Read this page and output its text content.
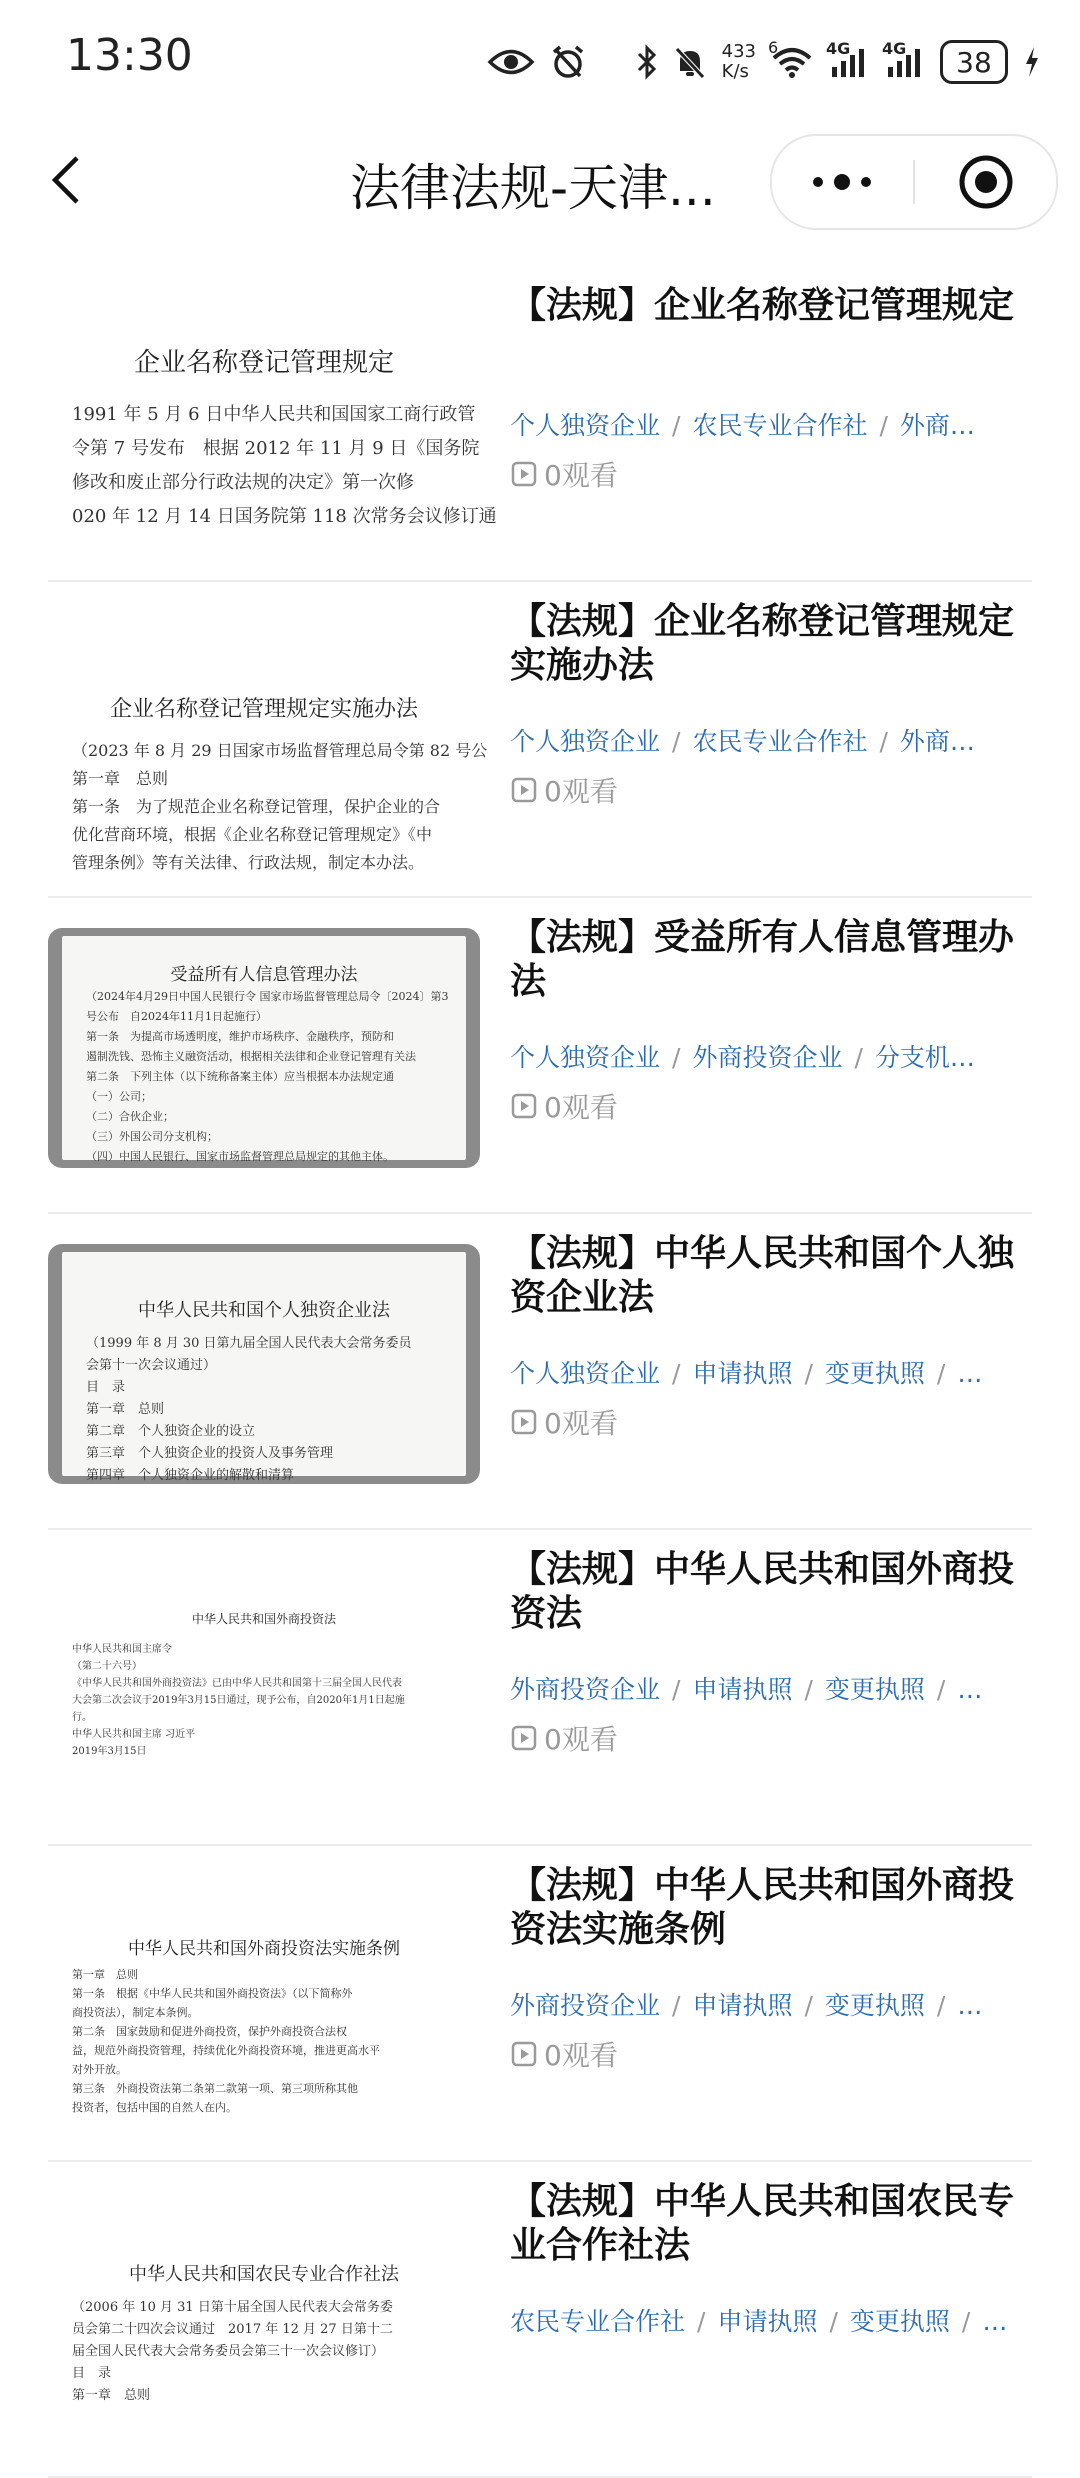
13:30	433
K/s
6	4G 4G	38
法律法规-天津...
企业名称登记管理规定
1991 年 5 月 6 日中华人民共和国国家工商行政管
令第 7 号发布　根据 2012 年 11 月 9 日《国务院
修改和废止部分行政法规的决定》第一次修
020 年 12 月 14 日国务院第 118 次常务会议修订通
【法规】企业名称登记管理规定
个人独资企业 / 农民专业合作社 / 外商…
0观看
企业名称登记管理规定实施办法
（2023 年 8 月 29 日国家市场监督管理总局令第 82 号公
第一章　总则
第一条　为了规范企业名称登记管理，保护企业的合
优化营商环境，根据《企业名称登记管理规定》《中
管理条例》等有关法律、行政法规，制定本办法。
【法规】企业名称登记管理规定实施办法
个人独资企业 / 农民专业合作社 / 外商…
0观看
受益所有人信息管理办法
（2024年4月29日中国人民银行令 国家市场监督管理总局令〔2024〕第3
号公布　自2024年11月1日起施行）
第一条　为提高市场透明度，维护市场秩序、金融秩序，预防和
遏制洗钱、恐怖主义融资活动，根据相关法律和企业登记管理有关法
第二条　下列主体（以下统称备案主体）应当根据本办法规定通
（一）公司；
（二）合伙企业；
（三）外国公司分支机构；
（四）中国人民银行、国家市场监督管理总局规定的其他主体。
【法规】受益所有人信息管理办法
个人独资企业 / 外商投资企业 / 分支机…
0观看
中华人民共和国个人独资企业法
（1999 年 8 月 30 日第九届全国人民代表大会常务委员
会第十一次会议通过）
目　录
第一章　总则
第二章　个人独资企业的设立
第三章　个人独资企业的投资人及事务管理
第四章　个人独资企业的解散和清算
【法规】中华人民共和国个人独资企业法
个人独资企业 / 申请执照 / 变更执照 / …
0观看
中华人民共和国外商投资法
中华人民共和国主席令
（第二十六号）
《中华人民共和国外商投资法》已由中华人民共和国第十三届全国人民代表
大会第二次会议于2019年3月15日通过，现予公布，自2020年1月1日起施
行。
中华人民共和国主席 习近平
2019年3月15日
【法规】中华人民共和国外商投资法
外商投资企业 / 申请执照 / 变更执照 / …
0观看
中华人民共和国外商投资法实施条例
第一章　总则
第一条　根据《中华人民共和国外商投资法》（以下简称外
商投资法），制定本条例。
第二条　国家鼓励和促进外商投资，保护外商投资合法权
益，规范外商投资管理，持续优化外商投资环境，推进更高水平
对外开放。
第三条　外商投资法第二条第二款第一项、第三项所称其他
投资者，包括中国的自然人在内。
【法规】中华人民共和国外商投资法实施条例
外商投资企业 / 申请执照 / 变更执照 / …
0观看
中华人民共和国农民专业合作社法
（2006 年 10 月 31 日第十届全国人民代表大会常务委
员会第二十四次会议通过　2017 年 12 月 27 日第十二
届全国人民代表大会常务委员会第三十一次会议修订）
目　录
第一章　总则
【法规】中华人民共和国农民专业合作社法
农民专业合作社 / 申请执照 / 变更执照 / …
